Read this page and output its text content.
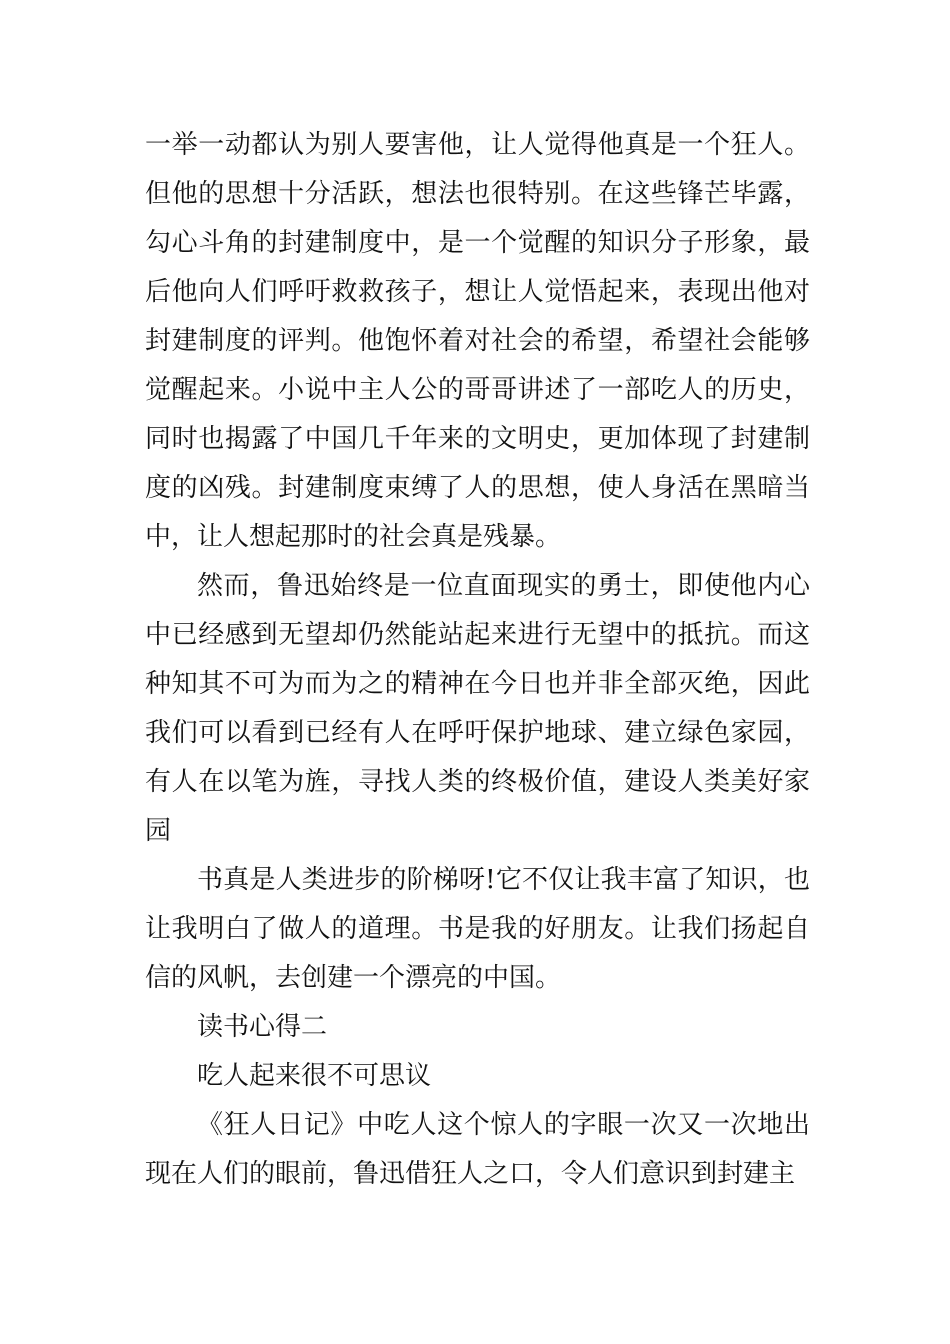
一举一动都认为别人要害他，让人觉得他真是一个狂人。但他的思想十分活跃，想法也很特别。在这些锋芒毕露，勾心斗角的封建制度中，是一个觉醒的知识分子形象，最后他向人们呼吁救救孩子，想让人觉悟起来，表现出他对封建制度的评判。他饱怀着对社会的希望，希望社会能够觉醒起来。小说中主人公的哥哥讲述了一部吃人的历史，同时也揭露了中国几千年来的文明史，更加体现了封建制度的凶残。封建制度束缚了人的思想，使人身活在黑暗当中，让人想起那时的社会真是残暴。

然而，鲁迅始终是一位直面现实的勇士，即使他内心中已经感到无望却仍然能站起来进行无望中的抵抗。而这种知其不可为而为之的精神在今日也并非全部灭绝，因此我们可以看到已经有人在呼吁保护地球、建立绿色家园，有人在以笔为旌，寻找人类的终极价值，建设人类美好家园

书真是人类进步的阶梯呀!它不仅让我丰富了知识，也让我明白了做人的道理。书是我的好朋友。让我们扬起自信的风帆，去创建一个漂亮的中国。

读书心得二

吃人起来很不可思议

《狂人日记》中吃人这个惊人的字眼一次又一次地出现在人们的眼前，鲁迅借狂人之口，令人们意识到封建主
